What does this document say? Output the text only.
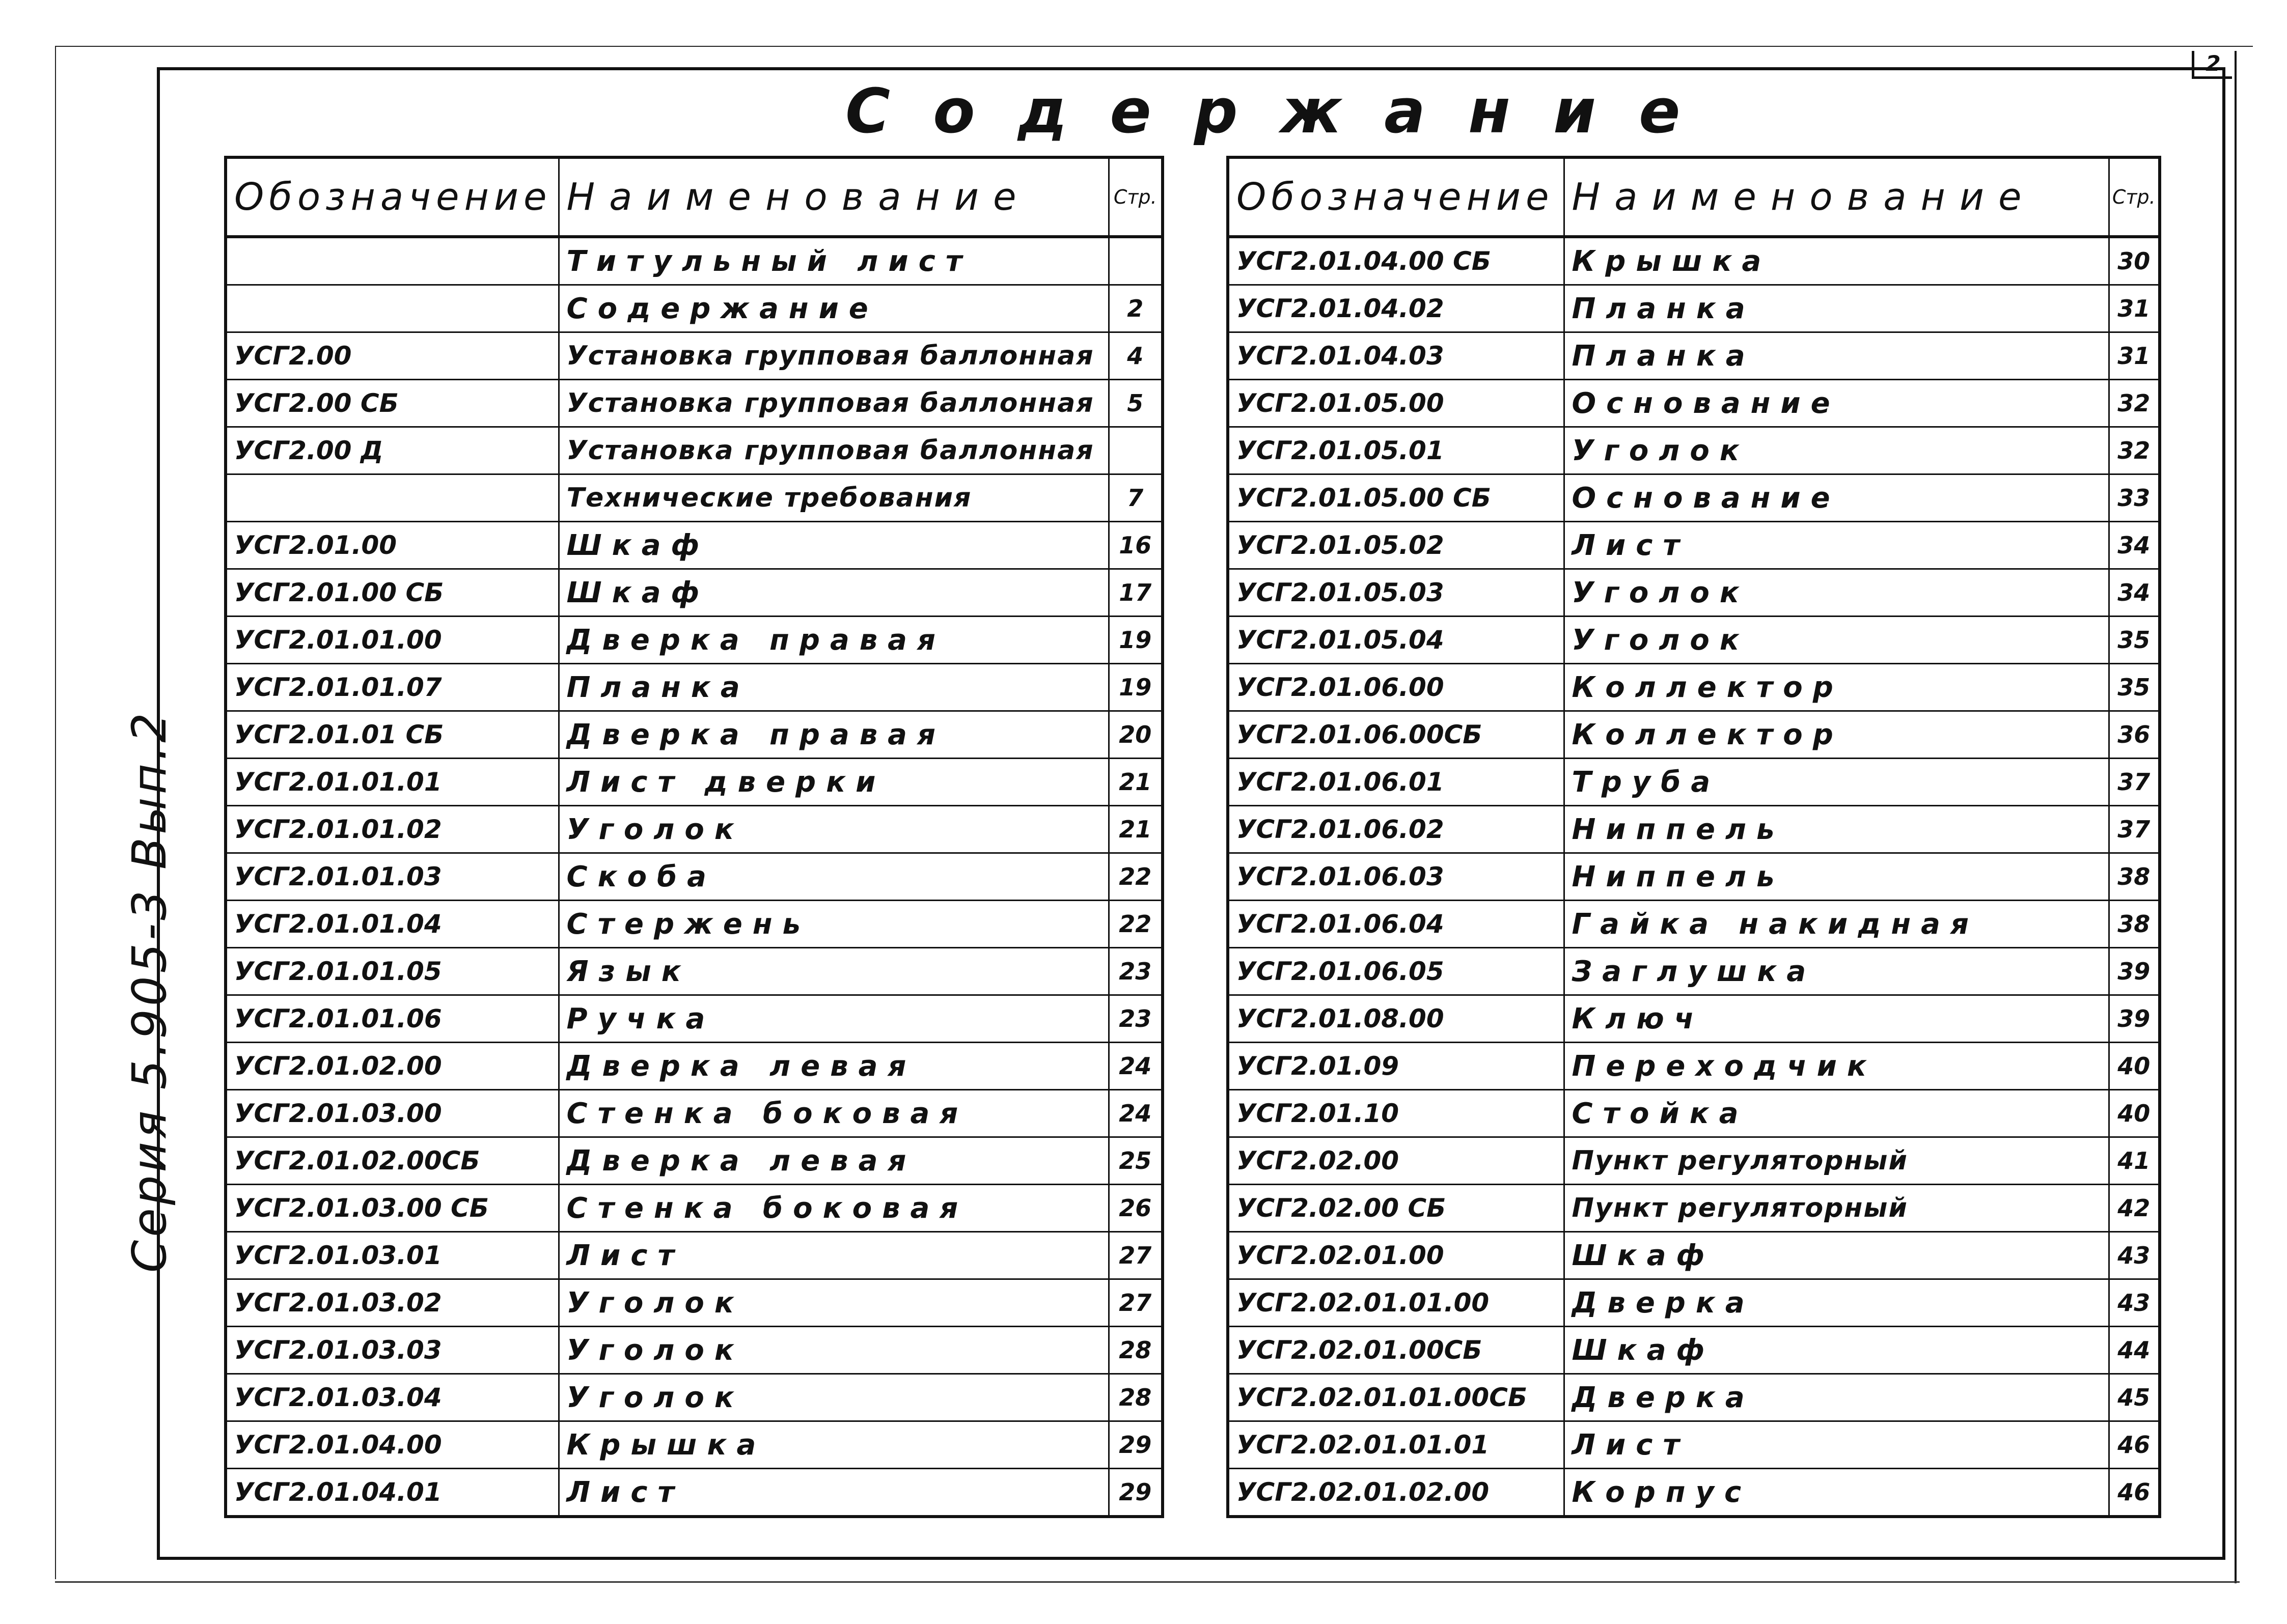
2
Серия 5.905-3 Вып.2
Содержание
Обозначение	Наименование	Стр.
	Титульный лист	
	Содержание	2
УСГ2.00	Установка групповая баллонная	4
УСГ2.00 СБ	Установка групповая баллонная	5
УСГ2.00 Д	Установка групповая баллонная	
	Технические требования	7
УСГ2.01.00	Шкаф	16
УСГ2.01.00 СБ	Шкаф	17
УСГ2.01.01.00	Дверка правая	19
УСГ2.01.01.07	Планка	19
УСГ2.01.01 СБ	Дверка правая	20
УСГ2.01.01.01	Лист дверки	21
УСГ2.01.01.02	Уголок	21
УСГ2.01.01.03	Скоба	22
УСГ2.01.01.04	Стержень	22
УСГ2.01.01.05	Язык	23
УСГ2.01.01.06	Ручка	23
УСГ2.01.02.00	Дверка левая	24
УСГ2.01.03.00	Стенка боковая	24
УСГ2.01.02.00СБ	Дверка левая	25
УСГ2.01.03.00 СБ	Стенка боковая	26
УСГ2.01.03.01	Лист	27
УСГ2.01.03.02	Уголок	27
УСГ2.01.03.03	Уголок	28
УСГ2.01.03.04	Уголок	28
УСГ2.01.04.00	Крышка	29
УСГ2.01.04.01	Лист	29
Обозначение	Наименование	Стр.
УСГ2.01.04.00 СБ	Крышка	30
УСГ2.01.04.02	Планка	31
УСГ2.01.04.03	Планка	31
УСГ2.01.05.00	Основание	32
УСГ2.01.05.01	Уголок	32
УСГ2.01.05.00 СБ	Основание	33
УСГ2.01.05.02	Лист	34
УСГ2.01.05.03	Уголок	34
УСГ2.01.05.04	Уголок	35
УСГ2.01.06.00	Коллектор	35
УСГ2.01.06.00СБ	Коллектор	36
УСГ2.01.06.01	Труба	37
УСГ2.01.06.02	Ниппель	37
УСГ2.01.06.03	Ниппель	38
УСГ2.01.06.04	Гайка накидная	38
УСГ2.01.06.05	Заглушка	39
УСГ2.01.08.00	Ключ	39
УСГ2.01.09	Переходчик	40
УСГ2.01.10	Стойка	40
УСГ2.02.00	Пункт регуляторный	41
УСГ2.02.00 СБ	Пункт регуляторный	42
УСГ2.02.01.00	Шкаф	43
УСГ2.02.01.01.00	Дверка	43
УСГ2.02.01.00СБ	Шкаф	44
УСГ2.02.01.01.00СБ	Дверка	45
УСГ2.02.01.01.01	Лист	46
УСГ2.02.01.02.00	Корпус	46
